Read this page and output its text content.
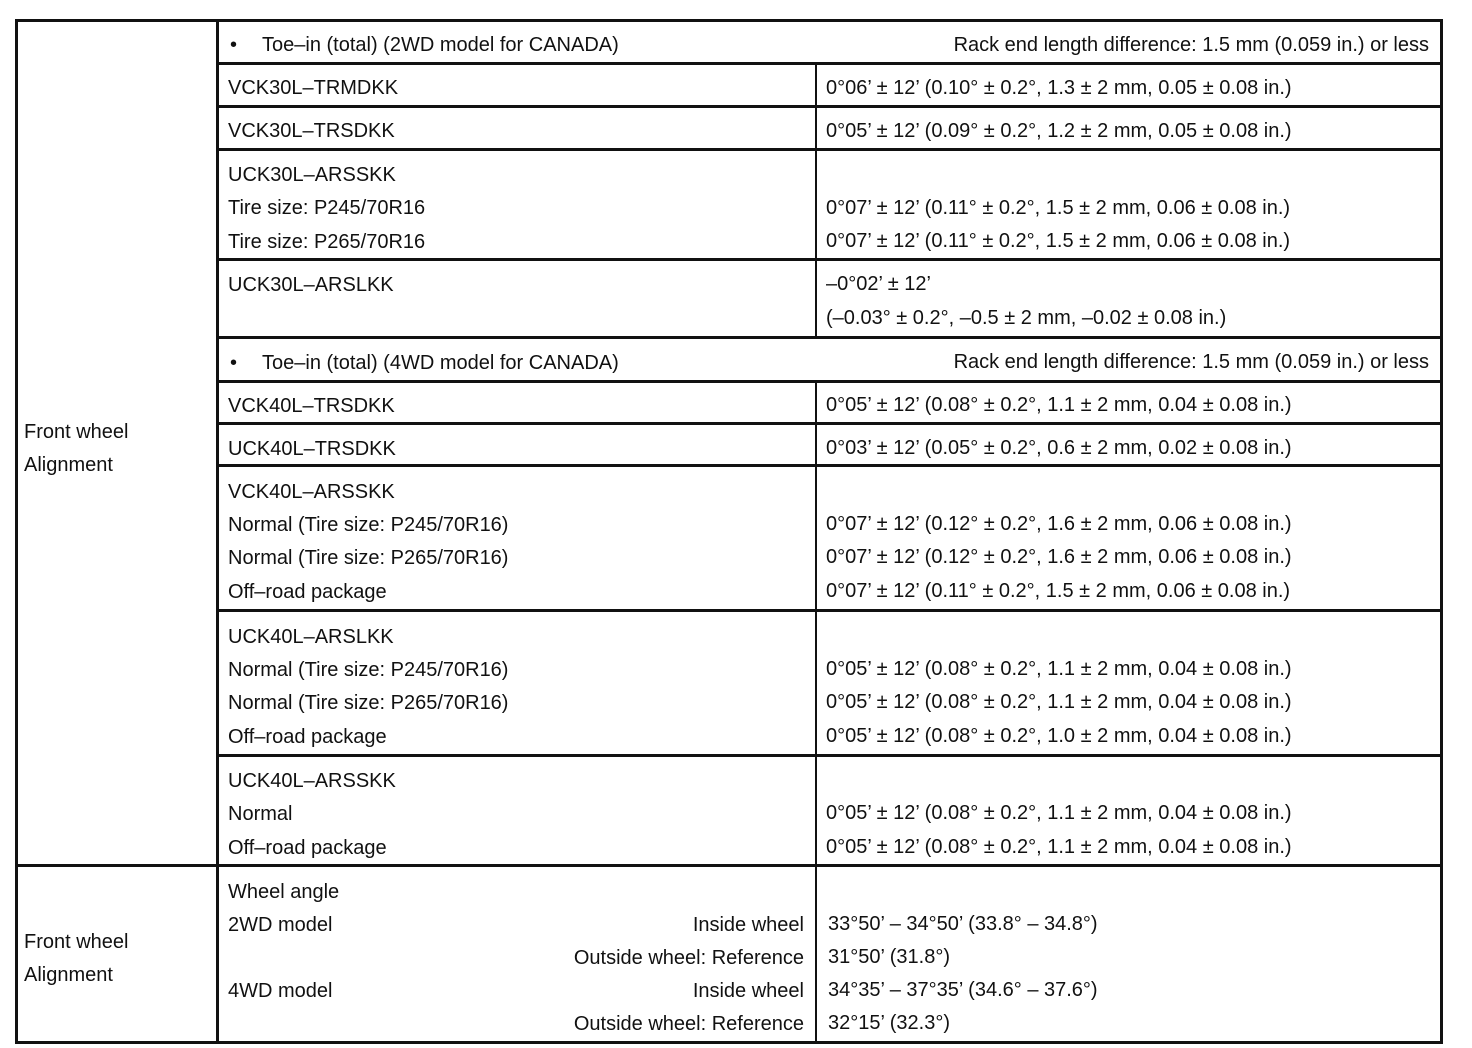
Front wheel
Alignment
• Toe–in (total) (2WD model for CANADA)	Rack end length difference: 1.5 mm (0.059 in.) or less
VCK30L–TRMDKK	0°06’ ± 12’ (0.10° ± 0.2°, 1.3 ± 2 mm, 0.05 ± 0.08 in.)
VCK30L–TRSDKK	0°05’ ± 12’ (0.09° ± 0.2°, 1.2 ± 2 mm, 0.05 ± 0.08 in.)
UCK30L–ARSSKK
Tire size: P245/70R16	0°07’ ± 12’ (0.11° ± 0.2°, 1.5 ± 2 mm, 0.06 ± 0.08 in.)
Tire size: P265/70R16	0°07’ ± 12’ (0.11° ± 0.2°, 1.5 ± 2 mm, 0.06 ± 0.08 in.)
UCK30L–ARSLKK	–0°02’ ± 12’
(–0.03° ± 0.2°, –0.5 ± 2 mm, –0.02 ± 0.08 in.)
• Toe–in (total) (4WD model for CANADA)	Rack end length difference: 1.5 mm (0.059 in.) or less
VCK40L–TRSDKK	0°05’ ± 12’ (0.08° ± 0.2°, 1.1 ± 2 mm, 0.04 ± 0.08 in.)
UCK40L–TRSDKK	0°03’ ± 12’ (0.05° ± 0.2°, 0.6 ± 2 mm, 0.02 ± 0.08 in.)
VCK40L–ARSSKK
Normal (Tire size: P245/70R16)	0°07’ ± 12’ (0.12° ± 0.2°, 1.6 ± 2 mm, 0.06 ± 0.08 in.)
Normal (Tire size: P265/70R16)	0°07’ ± 12’ (0.12° ± 0.2°, 1.6 ± 2 mm, 0.06 ± 0.08 in.)
Off–road package	0°07’ ± 12’ (0.11° ± 0.2°, 1.5 ± 2 mm, 0.06 ± 0.08 in.)
UCK40L–ARSLKK
Normal (Tire size: P245/70R16)	0°05’ ± 12’ (0.08° ± 0.2°, 1.1 ± 2 mm, 0.04 ± 0.08 in.)
Normal (Tire size: P265/70R16)	0°05’ ± 12’ (0.08° ± 0.2°, 1.1 ± 2 mm, 0.04 ± 0.08 in.)
Off–road package	0°05’ ± 12’ (0.08° ± 0.2°, 1.0 ± 2 mm, 0.04 ± 0.08 in.)
UCK40L–ARSSKK
Normal	0°05’ ± 12’ (0.08° ± 0.2°, 1.1 ± 2 mm, 0.04 ± 0.08 in.)
Off–road package	0°05’ ± 12’ (0.08° ± 0.2°, 1.1 ± 2 mm, 0.04 ± 0.08 in.)
Front wheel
Alignment
Wheel angle
2WD model	Inside wheel 33°50’ – 34°50’ (33.8° – 34.8°)
Outside wheel: Reference 31°50’ (31.8°)
4WD model	Inside wheel 34°35’ – 37°35’ (34.6° – 37.6°)
Outside wheel: Reference 32°15’ (32.3°)
